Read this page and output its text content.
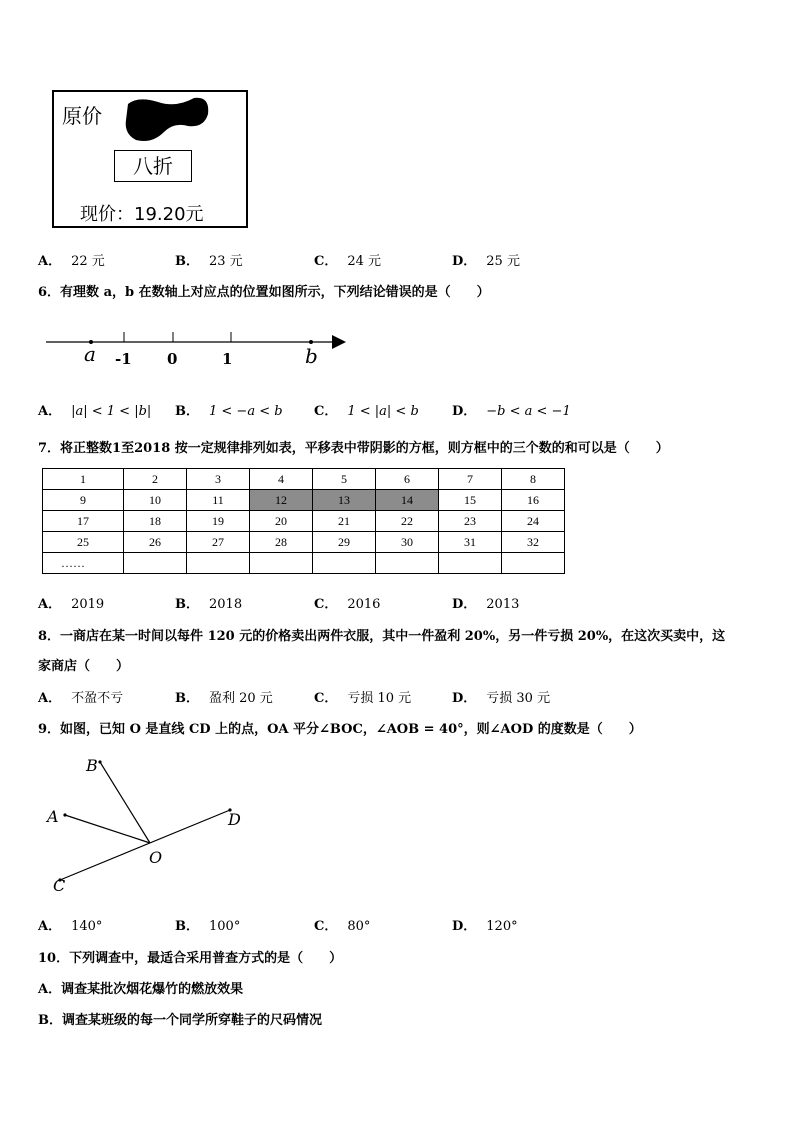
原价
八折
现价：19.20元
A． 22 元	B． 23 元	C． 24 元	D． 25 元
6．有理数 a，b 在数轴上对应点的位置如图所示，下列结论错误的是（　　）
a -1 0	1	b
A． |a| < 1 < |b| B． 1 < −a < b C． 1 < |a| < b	D． −b < a < −1
7．将正整数1至2018 按一定规律排列如表，平移表中带阴影的方框，则方框中的三个数的和可以是（　　）
1	2	3	4	5	6	7	8
9	10	11	12	13	14	15	16
17	18	19	20	21	22	23	24
25	26	27	28	29	30	31	32
……							
A． 2019	B． 2018	C． 2016	D． 2013
8．一商店在某一时间以每件 120 元的价格卖出两件衣服，其中一件盈利 20%，另一件亏损 20%，在这次买卖中，这
家商店（　　）
A． 不盈不亏	B． 盈利 20 元	C． 亏损 10 元	D． 亏损 30 元
9．如图，已知 O 是直线 CD 上的点，OA 平分∠BOC，∠AOB = 40°，则∠AOD 的度数是（　　）
B
A	D
O
C
A． 140°	B． 100°	C． 80°	D． 120°
10．下列调查中，最适合采用普查方式的是（　　）
A．调查某批次烟花爆竹的燃放效果
B．调查某班级的每一个同学所穿鞋子的尺码情况
